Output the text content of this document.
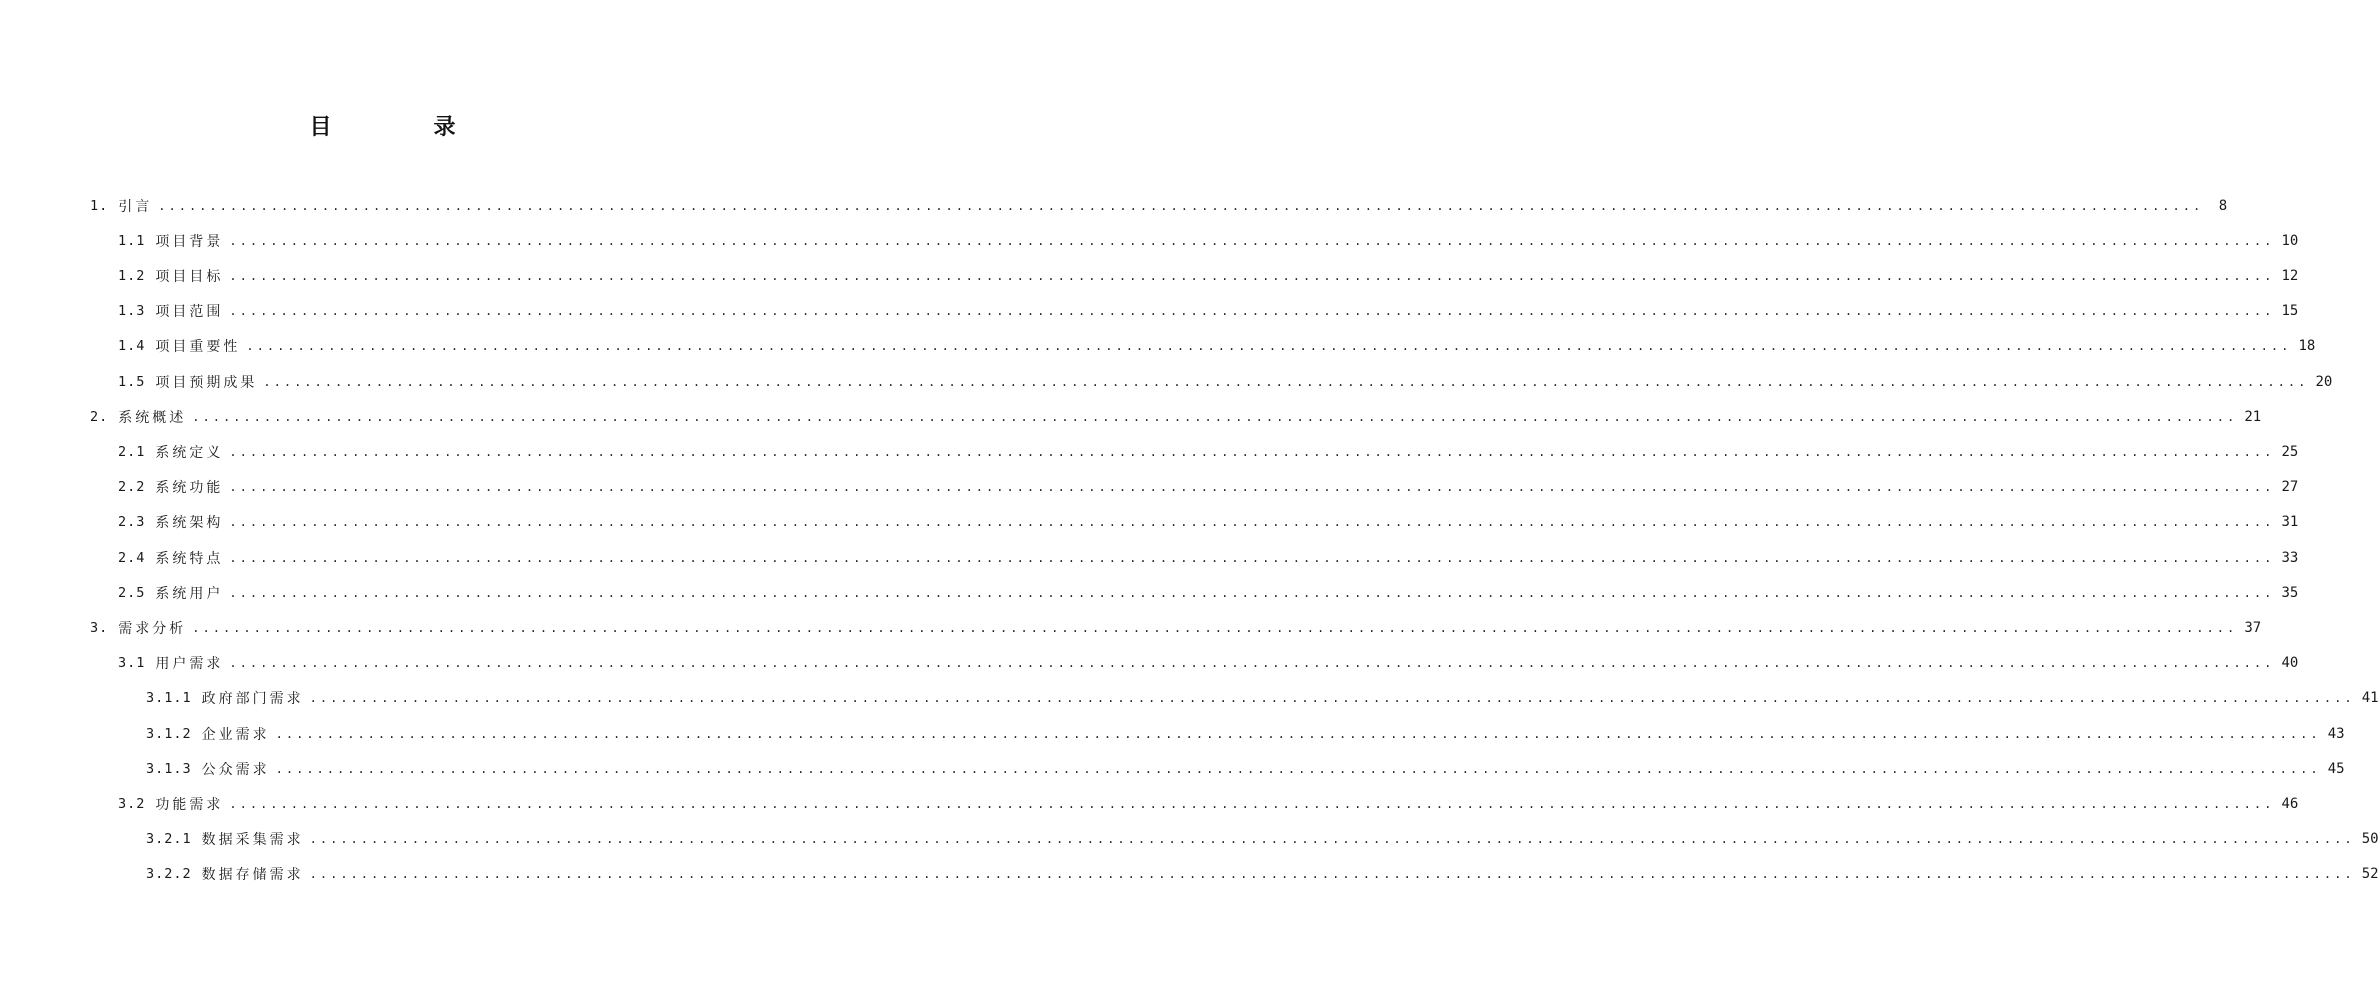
目　录
1. 引言 ........................................................................................................................................................................................................	8
1.1 项目背景 ........................................................................................................................................................................................................ 10
1.2 项目目标 ........................................................................................................................................................................................................ 12
1.3 项目范围 ........................................................................................................................................................................................................ 15
1.4 项目重要性 ........................................................................................................................................................................................................ 18
1.5 项目预期成果 ........................................................................................................................................................................................................ 20
2. 系统概述 ........................................................................................................................................................................................................ 21
2.1 系统定义 ........................................................................................................................................................................................................ 25
2.2 系统功能 ........................................................................................................................................................................................................ 27
2.3 系统架构 ........................................................................................................................................................................................................ 31
2.4 系统特点 ........................................................................................................................................................................................................ 33
2.5 系统用户 ........................................................................................................................................................................................................ 35
3. 需求分析 ........................................................................................................................................................................................................ 37
3.1 用户需求 ........................................................................................................................................................................................................ 40
3.1.1 政府部门需求 ........................................................................................................................................................................................................ 41
3.1.2 企业需求 ........................................................................................................................................................................................................ 43
3.1.3 公众需求 ........................................................................................................................................................................................................ 45
3.2 功能需求 ........................................................................................................................................................................................................ 46
3.2.1 数据采集需求 ........................................................................................................................................................................................................ 50
3.2.2 数据存储需求 ........................................................................................................................................................................................................ 52
